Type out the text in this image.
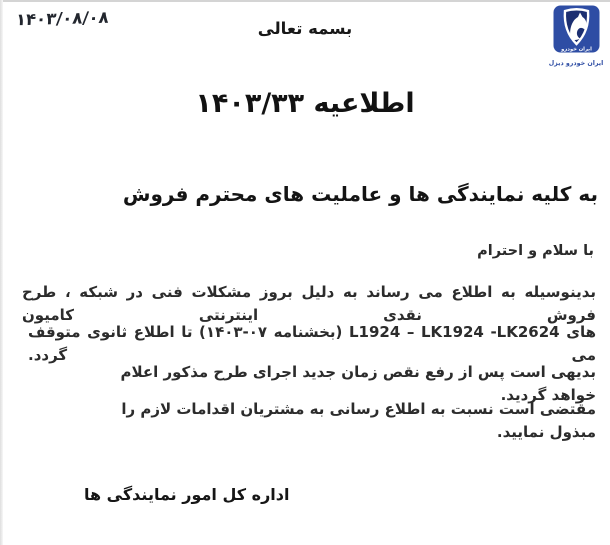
۱۴۰۳/۰۸/۰۸	بسمه تعالی
ایران خودرو
ایران خودرو دیزل
اطلاعیه ۱۴۰۳/۳۳
به کلیه نمایندگی ها و عاملیت های محترم فروش
با سلام و احترام
بدینوسیله به اطلاع می رساند به دلیل بروز مشکلات فنی در شبکه ، طرح فروش نقدی اینترنتی کامیون
های L1924 – LK1924 -LK2624 (بخشنامه ۰۷-۱۴۰۳) تا اطلاع ثانوی متوقف می گردد.
بدیهی است پس از رفع نقص زمان جدید اجرای طرح مذکور اعلام خواهد گردید.
مقتضی است نسبت به اطلاع رسانی به مشتریان اقدامات لازم را مبذول نمایید.
اداره کل امور نمایندگی ها
